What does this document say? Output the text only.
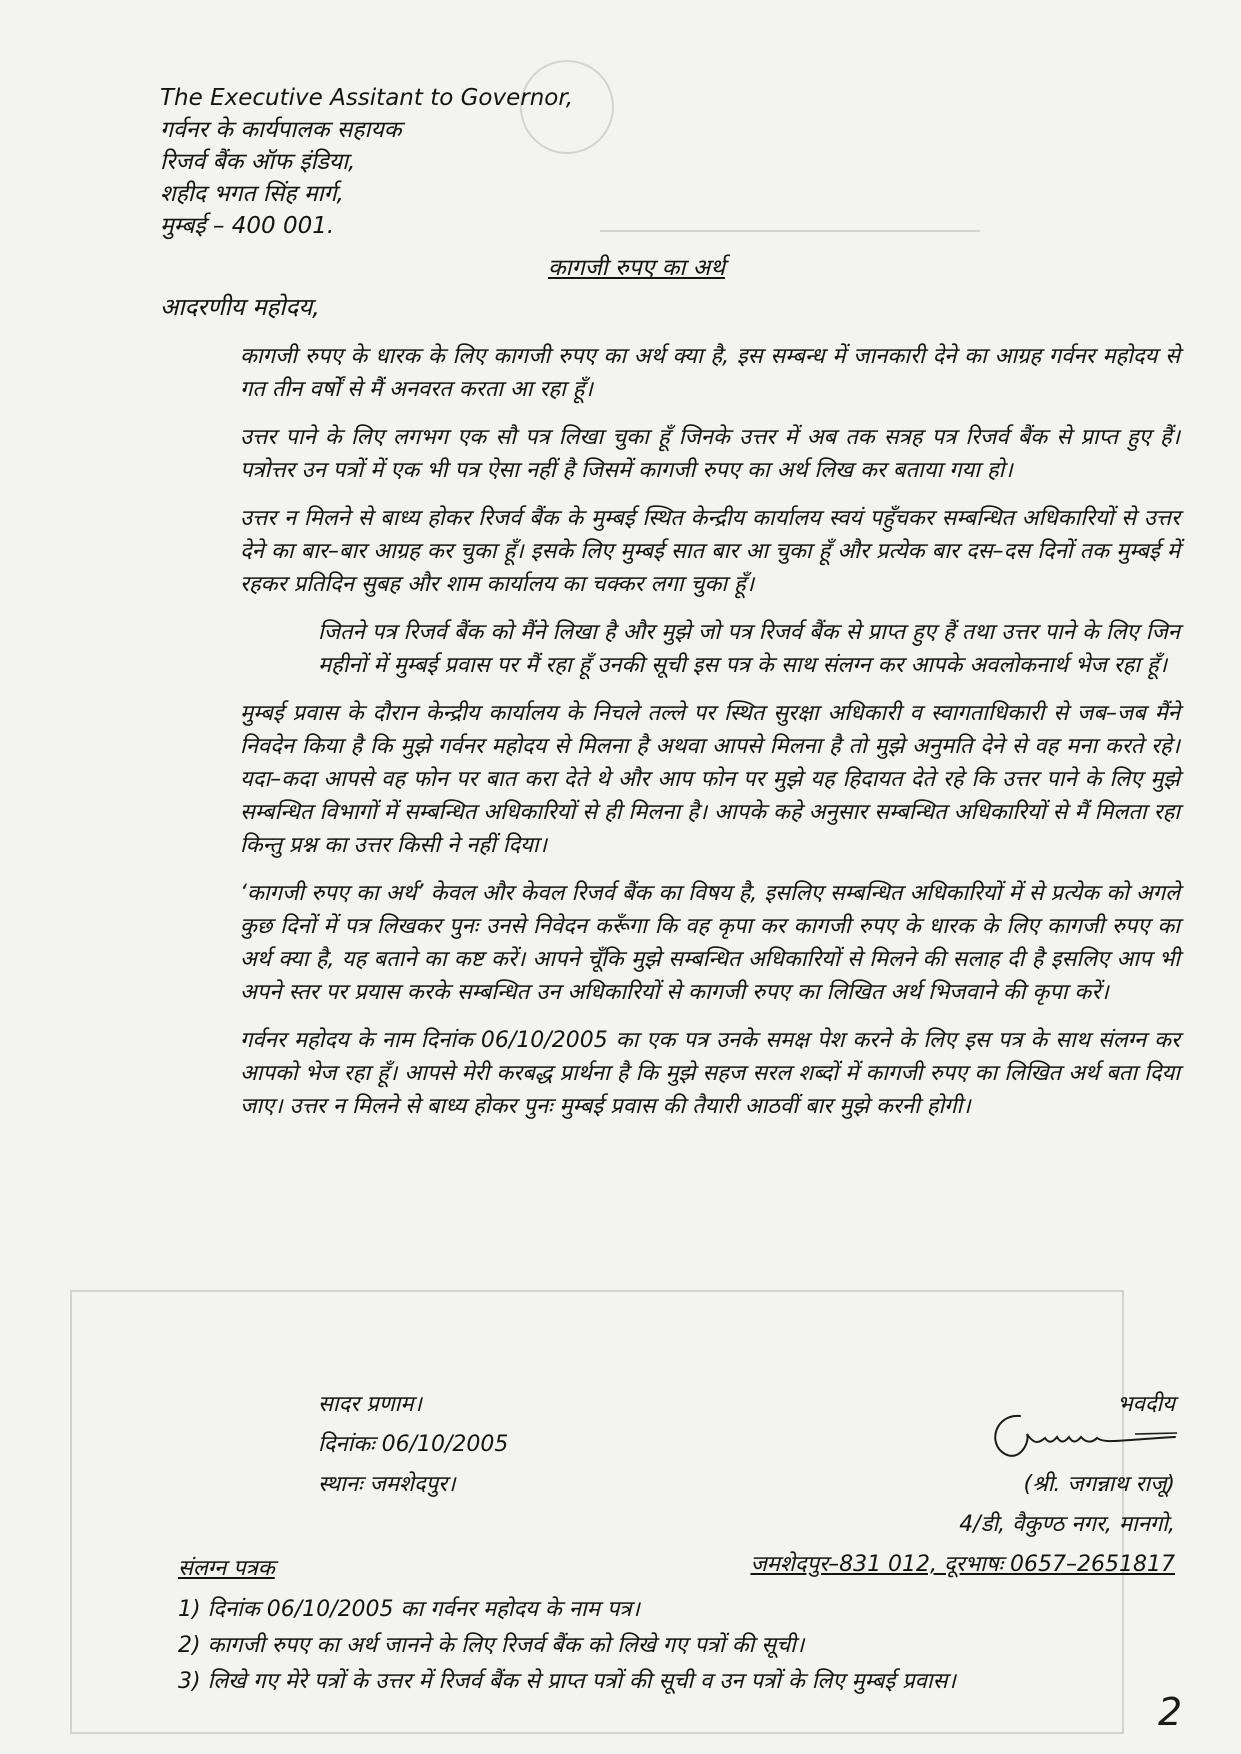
The Executive Assitant to Governor,
गर्वनर के कार्यपालक सहायक
रिजर्व बैंक ऑफ इंडिया,
शहीद भगत सिंह मार्ग,
मुम्बई – 400 001.
कागजी रुपए का अर्थ
आदरणीय महोदय,

कागजी रुपए के धारक के लिए कागजी रुपए का अर्थ क्या है, इस सम्बन्ध में जानकारी देने का आग्रह गर्वनर महोदय से गत तीन वर्षों से मैं अनवरत करता आ रहा हूँ।

उत्तर पाने के लिए लगभग एक सौ पत्र लिखा चुका हूँ जिनके उत्तर में अब तक सत्रह पत्र रिजर्व बैंक से प्राप्त हुए हैं। पत्रोत्तर उन पत्रों में एक भी पत्र ऐसा नहीं है जिसमें कागजी रुपए का अर्थ लिख कर बताया गया हो।

उत्तर न मिलने से बाध्य होकर रिजर्व बैंक के मुम्बई स्थित केन्द्रीय कार्यालय स्वयं पहुँचकर सम्बन्धित अधिकारियों से उत्तर देने का बार–बार आग्रह कर चुका हूँ। इसके लिए मुम्बई सात बार आ चुका हूँ और प्रत्येक बार दस–दस दिनों तक मुम्बई में रहकर प्रतिदिन सुबह और शाम कार्यालय का चक्कर लगा चुका हूँ।

जितने पत्र रिजर्व बैंक को मैंने लिखा है और मुझे जो पत्र रिजर्व बैंक से प्राप्त हुए हैं तथा उत्तर पाने के लिए जिन महीनों में मुम्बई प्रवास पर मैं रहा हूँ उनकी सूची इस पत्र के साथ संलग्न कर आपके अवलोकनार्थ भेज रहा हूँ।

मुम्बई प्रवास के दौरान केन्द्रीय कार्यालय के निचले तल्ले पर स्थित सुरक्षा अधिकारी व स्वागताधिकारी से जब–जब मैंने निवदेन किया है कि मुझे गर्वनर महोदय से मिलना है अथवा आपसे मिलना है तो मुझे अनुमति देने से वह मना करते रहे। यदा–कदा आपसे वह फोन पर बात करा देते थे और आप फोन पर मुझे यह हिदायत देते रहे कि उत्तर पाने के लिए मुझे सम्बन्धित विभागों में सम्बन्धित अधिकारियों से ही मिलना है। आपके कहे अनुसार सम्बन्धित अधिकारियों से मैं मिलता रहा किन्तु प्रश्न का उत्तर किसी ने नहीं दिया।

‘कागजी रुपए का अर्थ’ केवल और केवल रिजर्व बैंक का विषय है, इसलिए सम्बन्धित अधिकारियों में से प्रत्येक को अगले कुछ दिनों में पत्र लिखकर पुनः उनसे निवेदन करूँगा कि वह कृपा कर कागजी रुपए के धारक के लिए कागजी रुपए का अर्थ क्या है, यह बताने का कष्ट करें। आपने चूँकि मुझे सम्बन्धित अधिकारियों से मिलने की सलाह दी है इसलिए आप भी अपने स्तर पर प्रयास करके सम्बन्धित उन अधिकारियों से कागजी रुपए का लिखित अर्थ भिजवाने की कृपा करें।

गर्वनर महोदय के नाम दिनांक 06/10/2005 का एक पत्र उनके समक्ष पेश करने के लिए इस पत्र के साथ संलग्न कर आपको भेज रहा हूँ। आपसे मेरी करबद्ध प्रार्थना है कि मुझे सहज सरल शब्दों में कागजी रुपए का लिखित अर्थ बता दिया जाए। उत्तर न मिलने से बाध्य होकर पुनः मुम्बई प्रवास की तैयारी आठवीं बार मुझे करनी होगी।

सादर प्रणाम।
दिनांकः 06/10/2005
स्थानः जमशेदपुर।
भवदीय
(श्री. जगन्नाथ राजू)
4/डी, वैकुण्ठ नगर, मानगो,
जमशेदपुर–831 012, दूरभाषः 0657–2651817
संलग्न पत्रक
1) दिनांक 06/10/2005 का गर्वनर महोदय के नाम पत्र।
2) कागजी रुपए का अर्थ जानने के लिए रिजर्व बैंक को लिखे गए पत्रों की सूची।
3) लिखे गए मेरे पत्रों के उत्तर में रिजर्व बैंक से प्राप्त पत्रों की सूची व उन पत्रों के लिए मुम्बई प्रवास।
2
